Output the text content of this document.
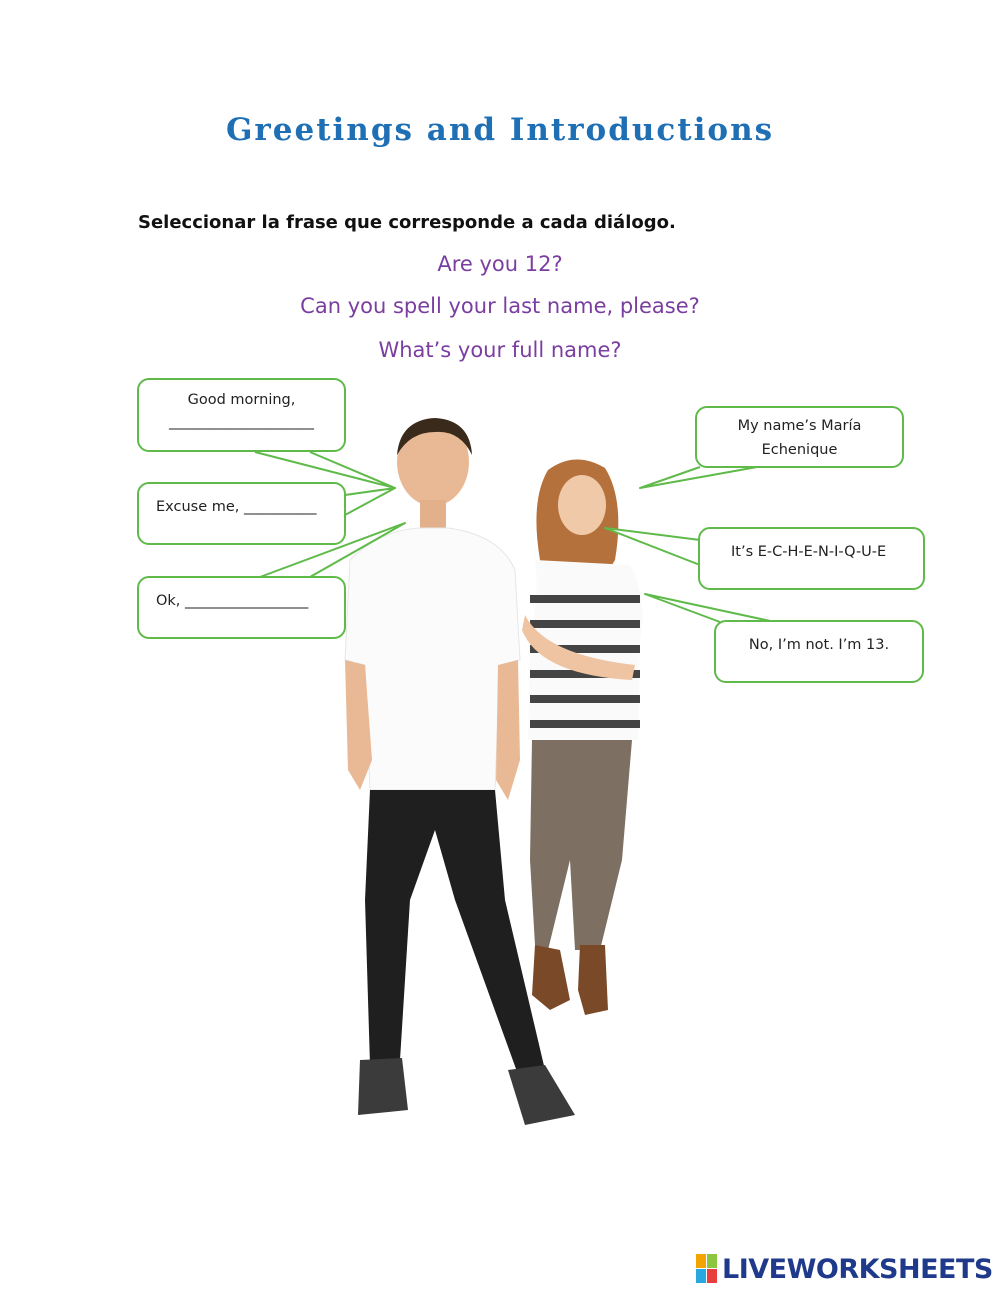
Greetings and Introductions
Seleccionar la frase que corresponde a cada diálogo.
Are you 12?
Can you spell your last name, please?
What’s your full name?
Good morning,
____________________
Excuse me, __________
Ok, _________________
My name’s María
Echenique
It’s E-C-H-E-N-I-Q-U-E
No, I’m not. I’m 13.
LIVEWORKSHEETS
